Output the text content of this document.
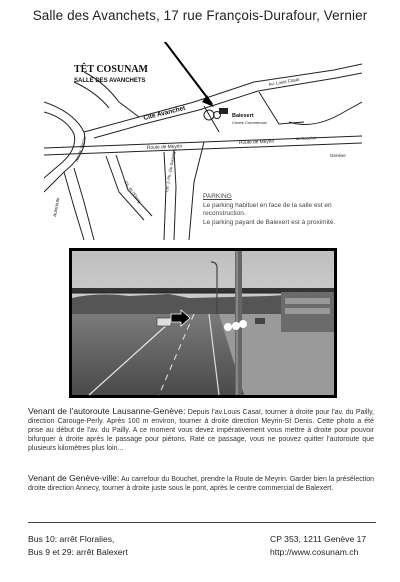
Salle des Avanchets, 17 rue François-Durafour, Vernier
TÊT COSUNAM
SALLE DES AVANCHETS
Cité Avanchet
Av. Louis Casaï
Balexert
Centre Commercial
Route de Meyrin
Route de Meyrin
du Bouchet
Autoroute
Ch. de l'Etang	Ch. J.-Ph.-De-Sauvage
Rte de Vernier	Genève
PARKING
Le parking habituel en face de la salle est en reconstruction.
Le parking payant de Balexert est à proximité.
Venant de l'autoroute Lausanne-Genève: Depuis l'av.Louis Casaï, tourner à droite pour l'av. du Pailly, direction Carouge-Perly. Après 100 m environ, tourner à droite direction Meyrin-St Denis. Cette photo a été prise au début de l'av. du Pailly. A ce moment vous devez impérativement vous mettre à droite pour pouvoir bifurquer à droite après le passage pour piétons. Raté ce passage, vous ne pouvez quitter l'autoroute que plusieurs kilomètres plus loin...
Venant de Genève-ville: Au carrefour du Bouchet, prendre la Route de Meyrin. Garder bien la présélection droite direction Annecy, tourner à droite juste sous le pont, après le centre commercial de Balexert.
Bus 10: arrêt Floralies,
Bus 9 et 29: arrêt Balexert
CP 353, 1211 Genève 17
http://www.cosunam.ch
